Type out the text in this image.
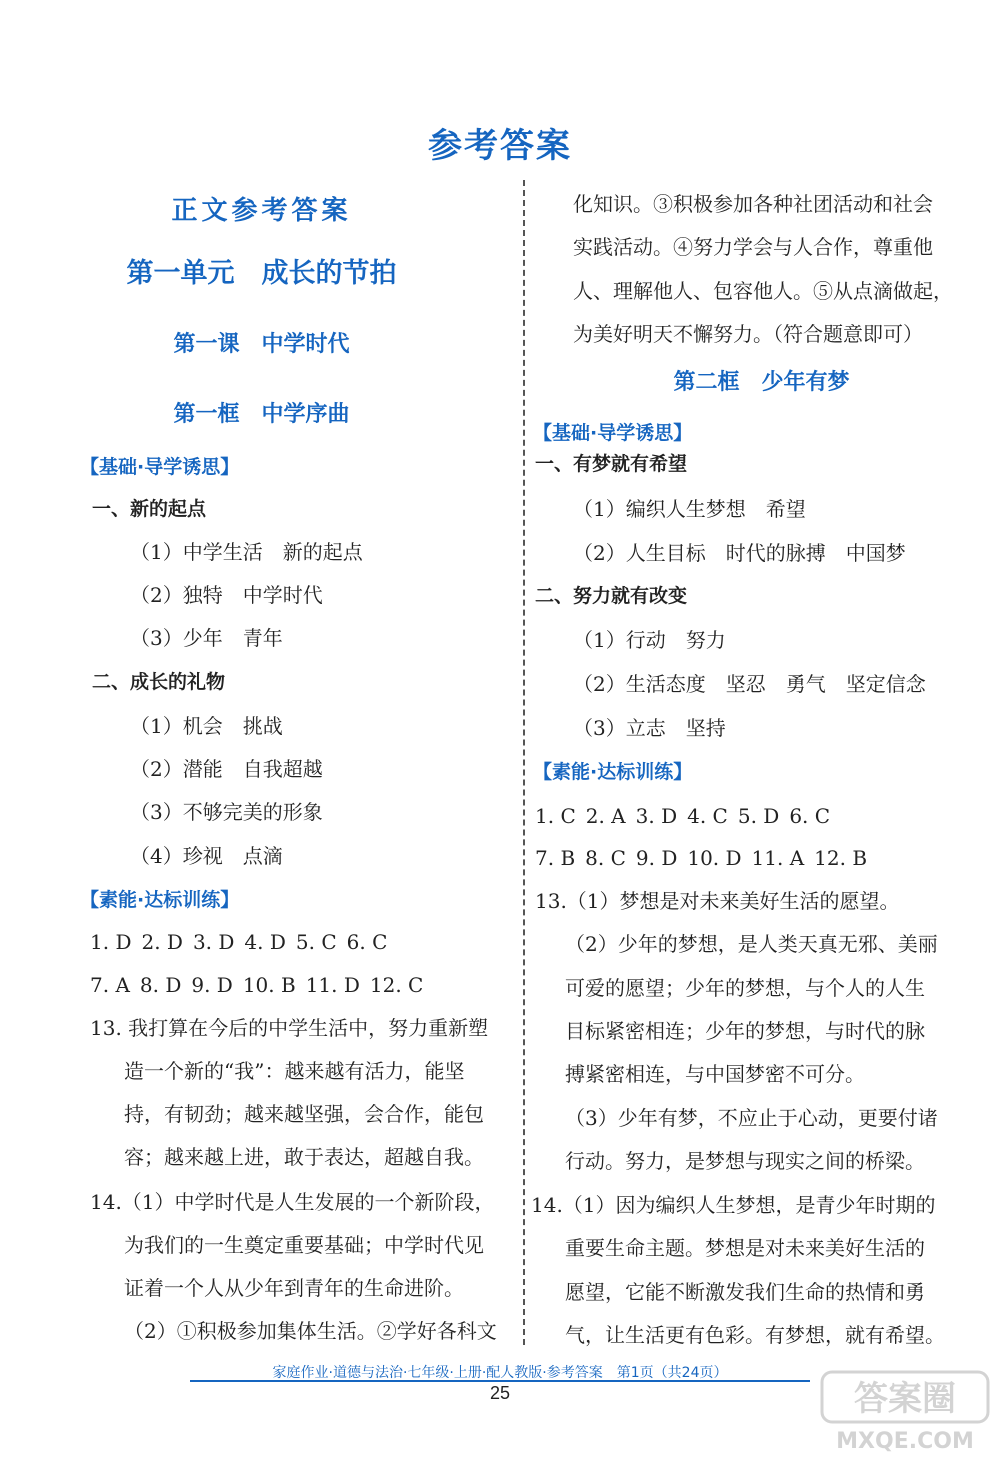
参考答案
正文参考答案
第一单元　成长的节拍
第一课　中学时代
第一框　中学序曲
【基础·导学诱思】
一、新的起点
（1）中学生活　新的起点
（2）独特　中学时代
（3）少年　青年
二、成长的礼物
（1）机会　挑战
（2）潜能　自我超越
（3）不够完美的形象
（4）珍视　点滴
【素能·达标训练】
1. D 2. D 3. D 4. D 5. C 6. C
7. A 8. D 9. D 10. B 11. D 12. C
13. 我打算在今后的中学生活中，努力重新塑
造一个新的“我”：越来越有活力，能坚
持，有韧劲；越来越坚强，会合作，能包
容；越来越上进，敢于表达，超越自我。
14.（1）中学时代是人生发展的一个新阶段，
为我们的一生奠定重要基础；中学时代见
证着一个人从少年到青年的生命进阶。
（2）①积极参加集体生活。②学好各科文
化知识。③积极参加各种社团活动和社会
实践活动。④努力学会与人合作，尊重他
人、理解他人、包容他人。⑤从点滴做起，
为美好明天不懈努力。（符合题意即可）
第二框　少年有梦
【基础·导学诱思】
一、有梦就有希望
（1）编织人生梦想　希望
（2）人生目标　时代的脉搏　中国梦
二、努力就有改变
（1）行动　努力
（2）生活态度　坚忍　勇气　坚定信念
（3）立志　坚持
【素能·达标训练】
1. C 2. A 3. D 4. C 5. D 6. C
7. B 8. C 9. D 10. D 11. A 12. B
13.（1）梦想是对未来美好生活的愿望。
（2）少年的梦想，是人类天真无邪、美丽
可爱的愿望；少年的梦想，与个人的人生
目标紧密相连；少年的梦想，与时代的脉
搏紧密相连，与中国梦密不可分。
（3）少年有梦，不应止于心动，更要付诸
行动。努力，是梦想与现实之间的桥梁。
14.（1）因为编织人生梦想，是青少年时期的
重要生命主题。梦想是对未来美好生活的
愿望，它能不断激发我们生命的热情和勇
气，让生活更有色彩。有梦想，就有希望。
家庭作业·道德与法治·七年级·上册·配人教版·参考答案　第1页（共24页）
25	答案圈
MXQE.COM
